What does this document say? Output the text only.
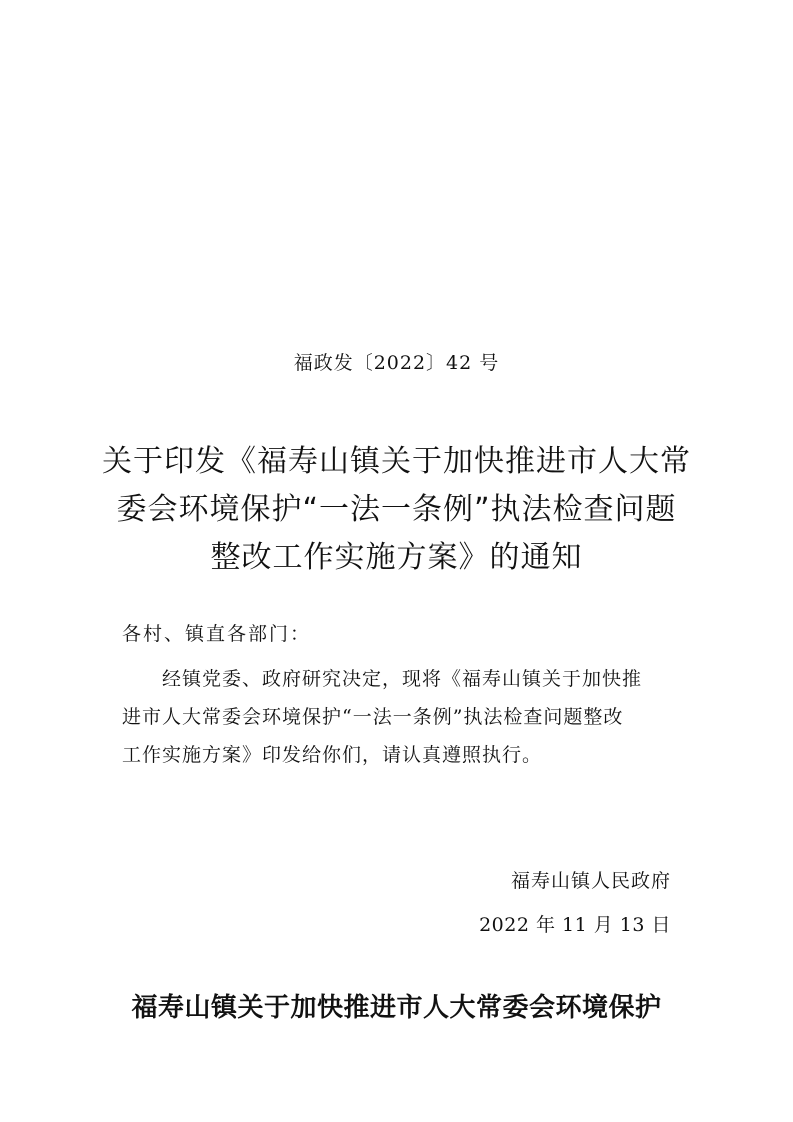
福政发〔2022〕42 号
关于印发《福寿山镇关于加快推进市人大常
委会环境保护“一法一条例”执法检查问题
整改工作实施方案》的通知

各村、镇直各部门：

　　经镇党委、政府研究决定，现将《福寿山镇关于加快推
进市人大常委会环境保护“一法一条例”执法检查问题整改
工作实施方案》印发给你们，请认真遵照执行。

福寿山镇人民政府

2022 年 11 月 13 日

福寿山镇关于加快推进市人大常委会环境保护
